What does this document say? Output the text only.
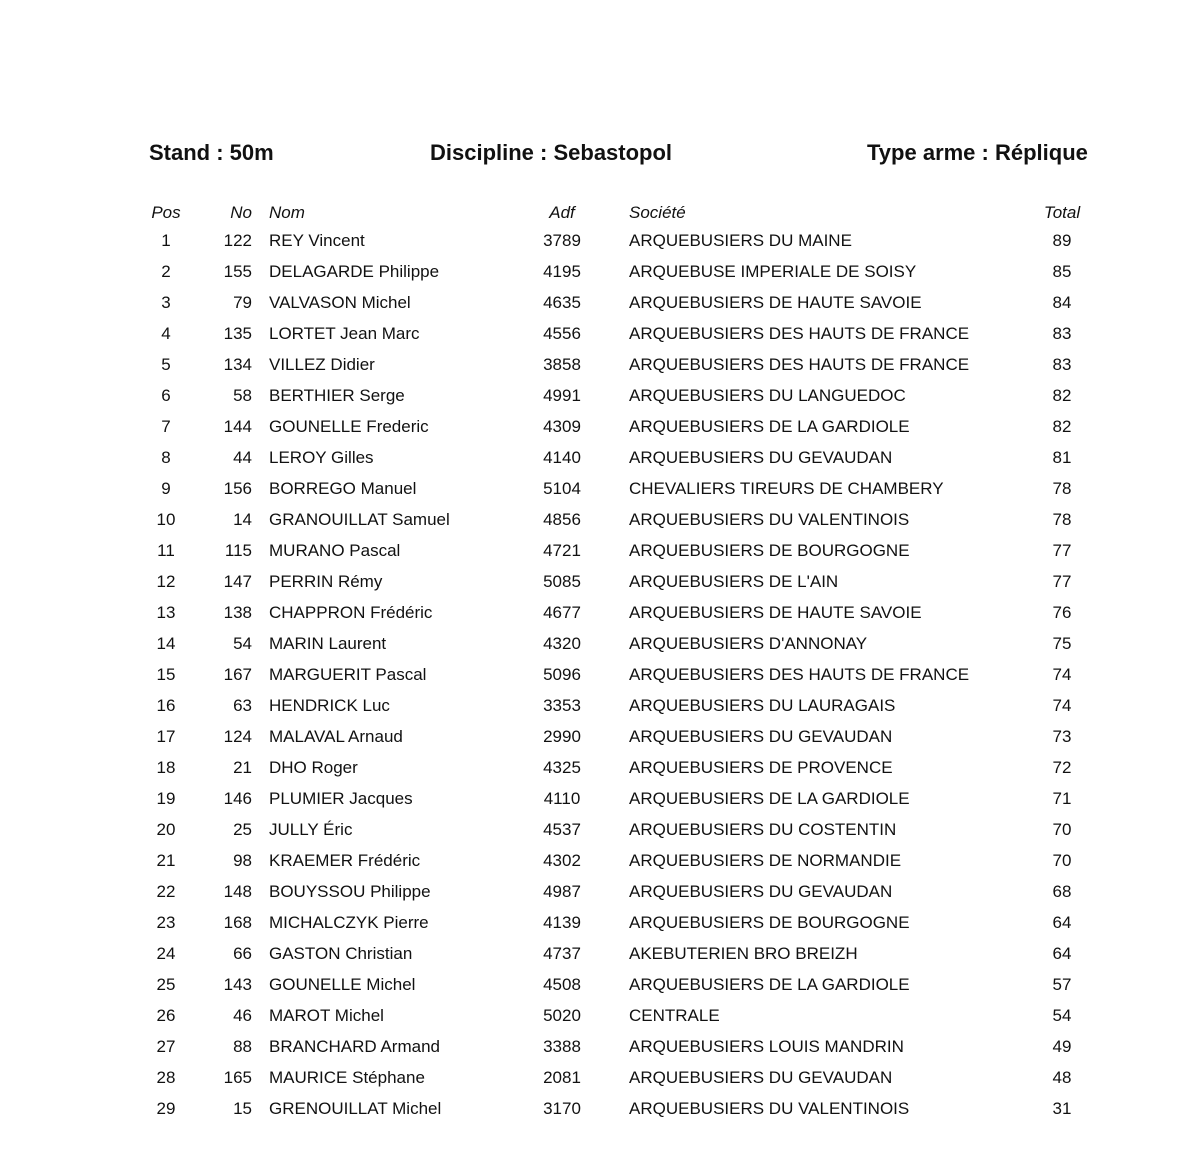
Stand : 50m	Discipline : Sebastopol	Type arme : Réplique
Pos	No Nom	Adf	Société	Total
1	122 REY Vincent	3789	ARQUEBUSIERS DU MAINE	89
2	155 DELAGARDE Philippe	4195	ARQUEBUSE IMPERIALE DE SOISY	85
3	79 VALVASON Michel	4635	ARQUEBUSIERS DE HAUTE SAVOIE	84
4	135 LORTET Jean Marc	4556	ARQUEBUSIERS DES HAUTS DE FRANCE	83
5	134 VILLEZ Didier	3858	ARQUEBUSIERS DES HAUTS DE FRANCE	83
6	58 BERTHIER Serge	4991	ARQUEBUSIERS DU LANGUEDOC	82
7	144 GOUNELLE Frederic	4309	ARQUEBUSIERS DE LA GARDIOLE	82
8	44 LEROY Gilles	4140	ARQUEBUSIERS DU GEVAUDAN	81
9	156 BORREGO Manuel	5104	CHEVALIERS TIREURS DE CHAMBERY	78
10	14 GRANOUILLAT Samuel	4856	ARQUEBUSIERS DU VALENTINOIS	78
11	115 MURANO Pascal	4721	ARQUEBUSIERS DE BOURGOGNE	77
12	147 PERRIN Rémy	5085	ARQUEBUSIERS DE L'AIN	77
13	138 CHAPPRON Frédéric	4677	ARQUEBUSIERS DE HAUTE SAVOIE	76
14	54 MARIN Laurent	4320	ARQUEBUSIERS D'ANNONAY	75
15	167 MARGUERIT Pascal	5096	ARQUEBUSIERS DES HAUTS DE FRANCE	74
16	63 HENDRICK Luc	3353	ARQUEBUSIERS DU LAURAGAIS	74
17	124 MALAVAL Arnaud	2990	ARQUEBUSIERS DU GEVAUDAN	73
18	21 DHO Roger	4325	ARQUEBUSIERS DE PROVENCE	72
19	146 PLUMIER Jacques	4110	ARQUEBUSIERS DE LA GARDIOLE	71
20	25 JULLY Éric	4537	ARQUEBUSIERS DU COSTENTIN	70
21	98 KRAEMER Frédéric	4302	ARQUEBUSIERS DE NORMANDIE	70
22	148 BOUYSSOU Philippe	4987	ARQUEBUSIERS DU GEVAUDAN	68
23	168 MICHALCZYK Pierre	4139	ARQUEBUSIERS DE BOURGOGNE	64
24	66 GASTON Christian	4737	AKEBUTERIEN BRO BREIZH	64
25	143 GOUNELLE Michel	4508	ARQUEBUSIERS DE LA GARDIOLE	57
26	46 MAROT Michel	5020	CENTRALE	54
27	88 BRANCHARD Armand	3388	ARQUEBUSIERS LOUIS MANDRIN	49
28	165 MAURICE Stéphane	2081	ARQUEBUSIERS DU GEVAUDAN	48
29	15 GRENOUILLAT Michel	3170	ARQUEBUSIERS DU VALENTINOIS	31
